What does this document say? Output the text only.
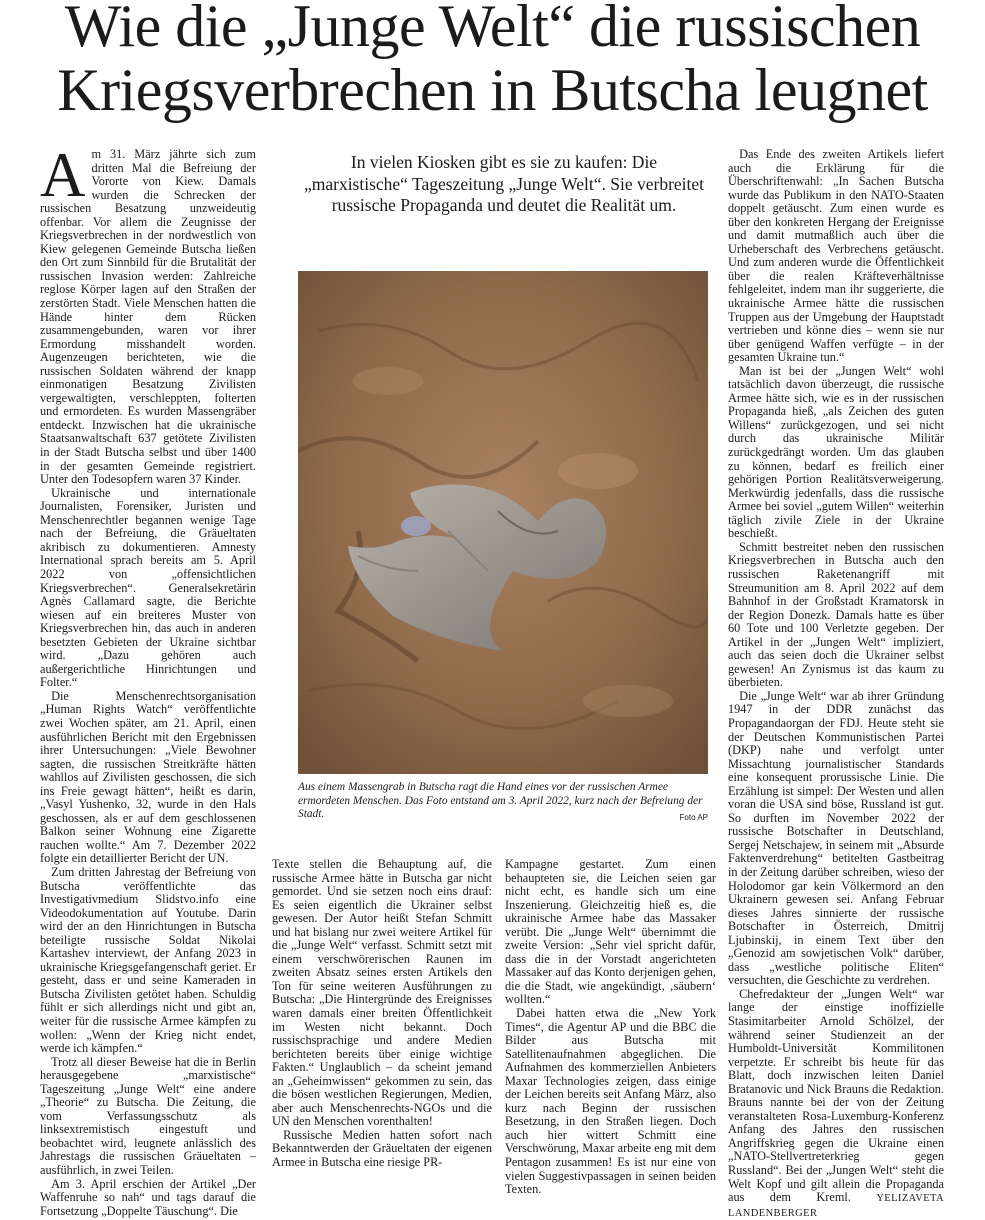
Wie die „Junge Welt“ die russischen
Kriegsverbrechen in Butscha leugnet

Am 31. März jährte sich zum dritten Mal die Befreiung der Vororte von Kiew. Damals wurden die Schrecken der russischen Besatzung unzweideutig offenbar. Vor allem die Zeugnisse der Kriegsverbrechen in der nordwestlich von Kiew gelegenen Gemeinde Butscha ließen den Ort zum Sinnbild für die Brutalität der russischen Invasion werden: Zahlreiche reglose Körper lagen auf den Straßen der zerstörten Stadt. Viele Menschen hatten die Hände hinter dem Rücken zusammengebunden, waren vor ihrer Ermordung misshandelt worden. Augenzeugen berichteten, wie die russischen Soldaten während der knapp einmonatigen Besatzung Zivilisten vergewaltigten, verschleppten, folterten und ermordeten. Es wurden Massengräber entdeckt. Inzwischen hat die ukrainische Staatsanwaltschaft 637 getötete Zivilisten in der Stadt Butscha selbst und über 1400 in der gesamten Gemeinde registriert. Unter den Todesopfern waren 37 Kinder.

Ukrainische und internationale Journalisten, Forensiker, Juristen und Menschenrechtler begannen wenige Tage nach der Befreiung, die Gräueltaten akribisch zu dokumentieren. Amnesty International sprach bereits am 5. April 2022 von „offensichtlichen Kriegsverbrechen“. Generalsekretärin Agnès Callamard sagte, die Berichte wiesen auf ein breiteres Muster von Kriegsverbrechen hin, das auch in anderen besetzten Gebieten der Ukraine sichtbar wird. „Dazu gehören auch außergerichtliche Hinrichtungen und Folter.“

Die Menschenrechtsorganisation „Human Rights Watch“ veröffentlichte zwei Wochen später, am 21. April, einen ausführlichen Bericht mit den Ergebnissen ihrer Untersuchungen: „Viele Bewohner sagten, die russischen Streitkräfte hätten wahllos auf Zivilisten geschossen, die sich ins Freie gewagt hätten“, heißt es darin, „Vasyl Yushenko, 32, wurde in den Hals geschossen, als er auf dem geschlossenen Balkon seiner Wohnung eine Zigarette rauchen wollte.“ Am 7. Dezember 2022 folgte ein detaillierter Bericht der UN.

Zum dritten Jahrestag der Befreiung von Butscha veröffentlichte das Investigativmedium Slidstvo.info eine Videodokumentation auf Youtube. Darin wird der an den Hinrichtungen in Butscha beteiligte russische Soldat Nikolai Kartashev interviewt, der Anfang 2023 in ukrainische Kriegsgefangenschaft geriet. Er gesteht, dass er und seine Kameraden in Butscha Zivilisten getötet haben. Schuldig fühlt er sich allerdings nicht und gibt an, weiter für die russische Armee kämpfen zu wollen: „Wenn der Krieg nicht endet, werde ich kämpfen.“

Trotz all dieser Beweise hat die in Berlin herausgegebene „marxistische“ Tageszeitung „Junge Welt“ eine andere „Theorie“ zu Butscha. Die Zeitung, die vom Verfassungsschutz als linksextremistisch eingestuft und beobachtet wird, leugnete anlässlich des Jahrestags die russischen Gräueltaten – ausführlich, in zwei Teilen.

Am 3. April erschien der Artikel „Der Waffenruhe so nah“ und tags darauf die Fortsetzung „Doppelte Täuschung“. Die

In vielen Kiosken gibt es sie zu kaufen: Die „marxistische“ Tageszeitung „Junge Welt“. Sie verbreitet russische Propaganda und deutet die Realität um.
Aus einem Massengrab in Butscha ragt die Hand eines vor der russischen Armee ermordeten Menschen. Das Foto entstand am 3. April 2022, kurz nach der Befreiung der Stadt.	Foto AP

Texte stellen die Behauptung auf, die russische Armee hätte in Butscha gar nicht gemordet. Und sie setzen noch eins drauf: Es seien eigentlich die Ukrainer selbst gewesen. Der Autor heißt Stefan Schmitt und hat bislang nur zwei weitere Artikel für die „Junge Welt“ verfasst. Schmitt setzt mit einem verschwörerischen Raunen im zweiten Absatz seines ersten Artikels den Ton für seine weiteren Ausführungen zu Butscha: „Die Hintergründe des Ereignisses waren damals einer breiten Öffentlichkeit im Westen nicht bekannt. Doch russischsprachige und andere Medien berichteten bereits über einige wichtige Fakten.“ Unglaublich – da scheint jemand an „Geheimwissen“ gekommen zu sein, das die bösen westlichen Regierungen, Medien, aber auch Menschenrechts-NGOs und die UN den Menschen vorenthalten!

Russische Medien hatten sofort nach Bekanntwerden der Gräueltaten der eigenen Armee in Butscha eine riesige PR-

Kampagne gestartet. Zum einen behaupteten sie, die Leichen seien gar nicht echt, es handle sich um eine Inszenierung. Gleichzeitig hieß es, die ukrainische Armee habe das Massaker verübt. Die „Junge Welt“ übernimmt die zweite Version: „Sehr viel spricht dafür, dass die in der Vorstadt angerichteten Massaker auf das Konto derjenigen gehen, die die Stadt, wie angekündigt, ‚säubern‘ wollten.“

Dabei hatten etwa die „New York Times“, die Agentur AP und die BBC die Bilder aus Butscha mit Satellitenaufnahmen abgeglichen. Die Aufnahmen des kommerziellen Anbieters Maxar Technologies zeigen, dass einige der Leichen bereits seit Anfang März, also kurz nach Beginn der russischen Besetzung, in den Straßen liegen. Doch auch hier wittert Schmitt eine Verschwörung, Maxar arbeite eng mit dem Pentagon zusammen! Es ist nur eine von vielen Suggestivpassagen in seinen beiden Texten.

Das Ende des zweiten Artikels liefert auch die Erklärung für die Überschriftenwahl: „In Sachen Butscha wurde das Publikum in den NATO-Staaten doppelt getäuscht. Zum einen wurde es über den konkreten Hergang der Ereignisse und damit mutmaßlich auch über die Urheberschaft des Verbrechens getäuscht. Und zum anderen wurde die Öffentlichkeit über die realen Kräfteverhältnisse fehlgeleitet, indem man ihr suggerierte, die ukrainische Armee hätte die russischen Truppen aus der Umgebung der Hauptstadt vertrieben und könne dies – wenn sie nur über genügend Waffen verfügte – in der gesamten Ukraine tun.“

Man ist bei der „Jungen Welt“ wohl tatsächlich davon überzeugt, die russische Armee hätte sich, wie es in der russischen Propaganda hieß, „als Zeichen des guten Willens“ zurückgezogen, und sei nicht durch das ukrainische Militär zurückgedrängt worden. Um das glauben zu können, bedarf es freilich einer gehörigen Portion Realitätsverweigerung. Merkwürdig jedenfalls, dass die russische Armee bei soviel „gutem Willen“ weiterhin täglich zivile Ziele in der Ukraine beschießt.

Schmitt bestreitet neben den russischen Kriegsverbrechen in Butscha auch den russischen Raketenangriff mit Streumunition am 8. April 2022 auf dem Bahnhof in der Großstadt Kramatorsk in der Region Donezk. Damals hatte es über 60 Tote und 100 Verletzte gegeben. Der Artikel in der „Jungen Welt“ impliziert, auch das seien doch die Ukrainer selbst gewesen! An Zynismus ist das kaum zu überbieten.

Die „Junge Welt“ war ab ihrer Gründung 1947 in der DDR zunächst das Propagandaorgan der FDJ. Heute steht sie der Deutschen Kommunistischen Partei (DKP) nahe und verfolgt unter Missachtung journalistischer Standards eine konsequent prorussische Linie. Die Erzählung ist simpel: Der Westen und allen voran die USA sind böse, Russland ist gut. So durften im November 2022 der russische Botschafter in Deutschland, Sergej Netschajew, in seinem mit „Absurde Faktenverdrehung“ betitelten Gastbeitrag in der Zeitung darüber schreiben, wieso der Holodomor gar kein Völkermord an den Ukrainern gewesen sei. Anfang Februar dieses Jahres sinnierte der russische Botschafter in Österreich, Dmitrij Ljubinskij, in einem Text über den „Genozid am sowjetischen Volk“ darüber, dass „westliche politische Eliten“ versuchten, die Geschichte zu verdrehen.

Chefredakteur der „Jungen Welt“ war lange der einstige inoffizielle Stasimitarbeiter Arnold Schölzel, der während seiner Studienzeit an der Humboldt-Universität Kommilitonen verpetzte. Er schreibt bis heute für das Blatt, doch inzwischen leiten Daniel Bratanovic und Nick Brauns die Redaktion. Brauns nannte bei der von der Zeitung veranstalteten Rosa-Luxemburg-Konferenz Anfang des Jahres den russischen Angriffskrieg gegen die Ukraine einen „NATO-Stellvertreterkrieg gegen Russland“. Bei der „Jungen Welt“ steht die Welt Kopf und gilt allein die Propaganda aus dem Kreml. YELIZAVETA LANDENBERGER
